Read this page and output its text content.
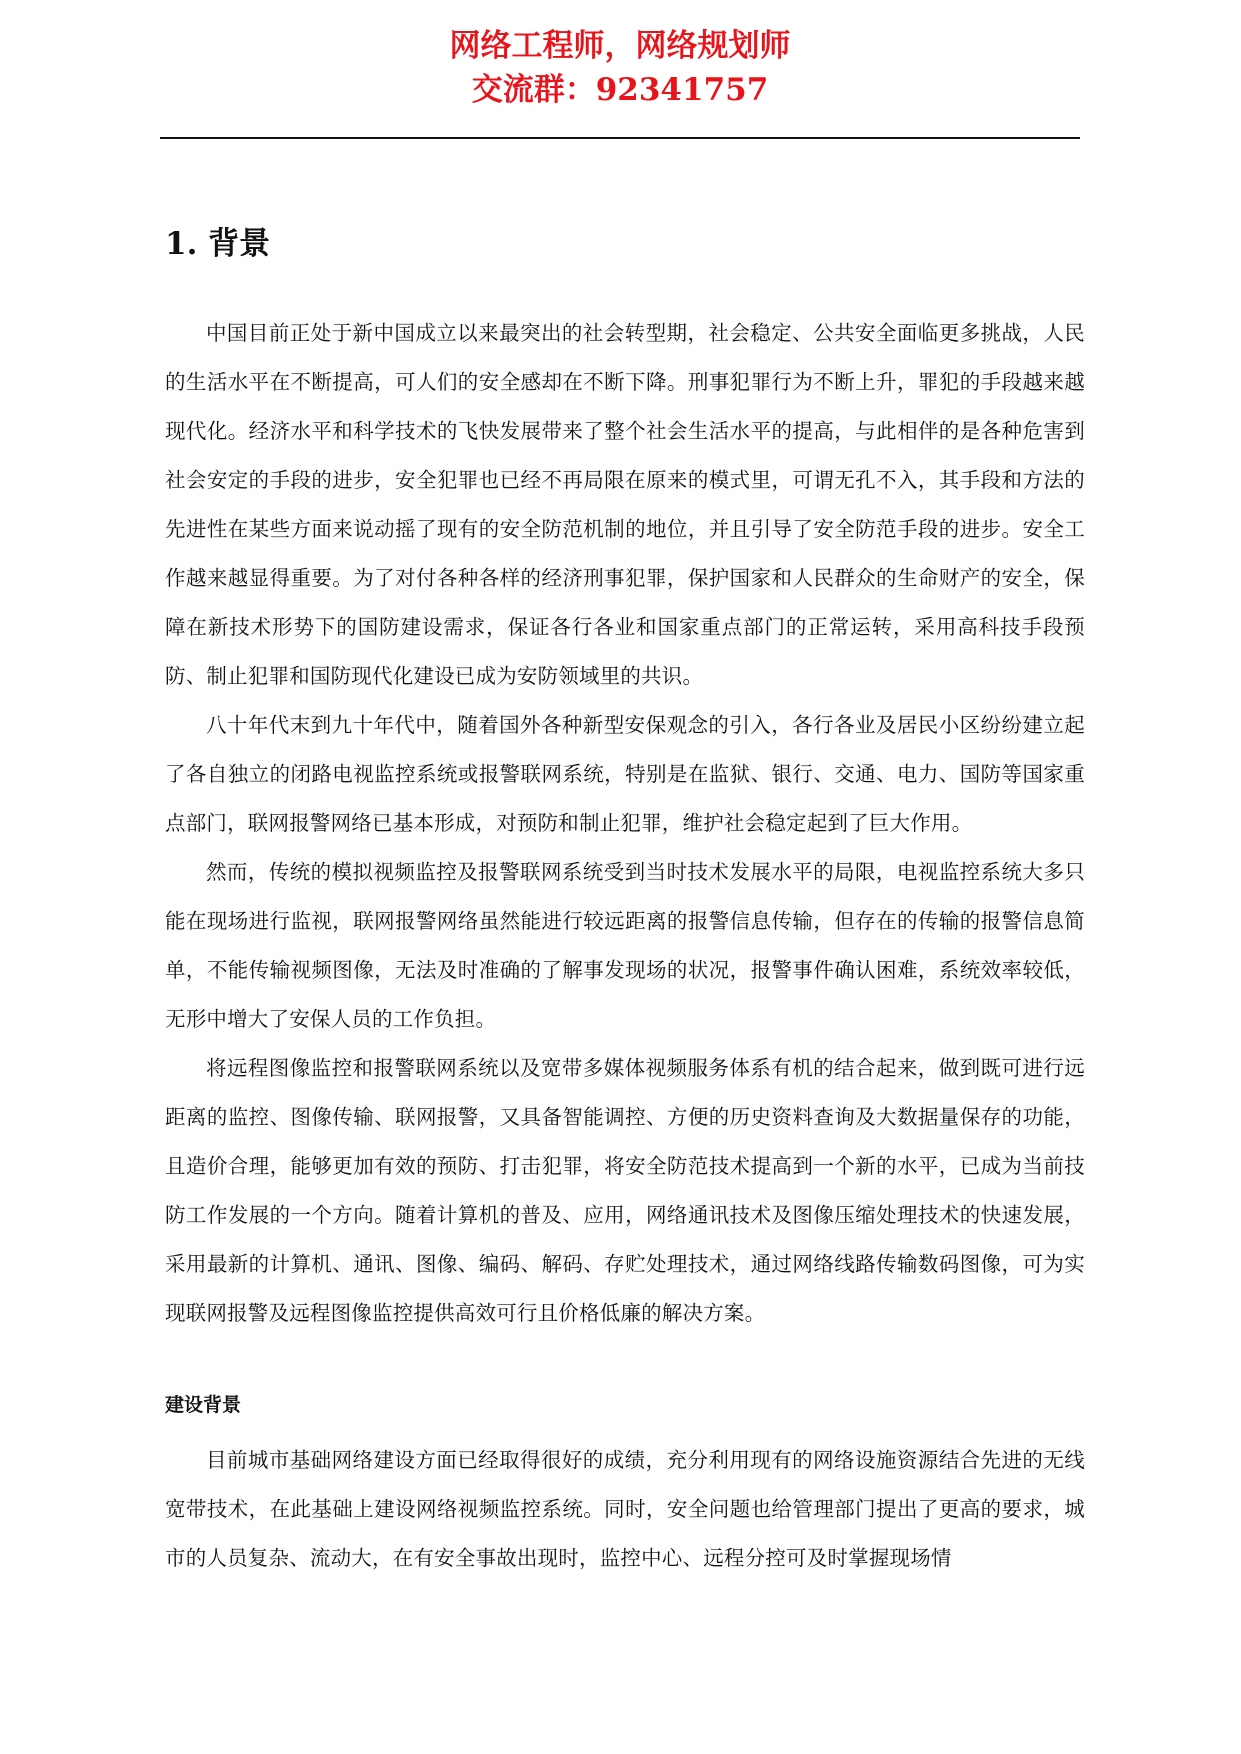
网络工程师，网络规划师
交流群：92341757
1. 背景

中国目前正处于新中国成立以来最突出的社会转型期，社会稳定、公共安全面临更多挑战，人民的生活水平在不断提高，可人们的安全感却在不断下降。刑事犯罪行为不断上升，罪犯的手段越来越现代化。经济水平和科学技术的飞快发展带来了整个社会生活水平的提高，与此相伴的是各种危害到社会安定的手段的进步，安全犯罪也已经不再局限在原来的模式里，可谓无孔不入，其手段和方法的先进性在某些方面来说动摇了现有的安全防范机制的地位，并且引导了安全防范手段的进步。安全工作越来越显得重要。为了对付各种各样的经济刑事犯罪，保护国家和人民群众的生命财产的安全，保障在新技术形势下的国防建设需求，保证各行各业和国家重点部门的正常运转，采用高科技手段预防、制止犯罪和国防现代化建设已成为安防领域里的共识。

八十年代末到九十年代中，随着国外各种新型安保观念的引入，各行各业及居民小区纷纷建立起了各自独立的闭路电视监控系统或报警联网系统，特别是在监狱、银行、交通、电力、国防等国家重点部门，联网报警网络已基本形成，对预防和制止犯罪，维护社会稳定起到了巨大作用。

然而，传统的模拟视频监控及报警联网系统受到当时技术发展水平的局限，电视监控系统大多只能在现场进行监视，联网报警网络虽然能进行较远距离的报警信息传输，但存在的传输的报警信息简单，不能传输视频图像，无法及时准确的了解事发现场的状况，报警事件确认困难，系统效率较低，无形中增大了安保人员的工作负担。

将远程图像监控和报警联网系统以及宽带多媒体视频服务体系有机的结合起来，做到既可进行远距离的监控、图像传输、联网报警，又具备智能调控、方便的历史资料查询及大数据量保存的功能，且造价合理，能够更加有效的预防、打击犯罪，将安全防范技术提高到一个新的水平，已成为当前技防工作发展的一个方向。随着计算机的普及、应用，网络通讯技术及图像压缩处理技术的快速发展，采用最新的计算机、通讯、图像、编码、解码、存贮处理技术，通过网络线路传输数码图像，可为实现联网报警及远程图像监控提供高效可行且价格低廉的解决方案。

建设背景

目前城市基础网络建设方面已经取得很好的成绩，充分利用现有的网络设施资源结合先进的无线宽带技术，在此基础上建设网络视频监控系统。同时，安全问题也给管理部门提出了更高的要求，城市的人员复杂、流动大，在有安全事故出现时，监控中心、远程分控可及时掌握现场情
